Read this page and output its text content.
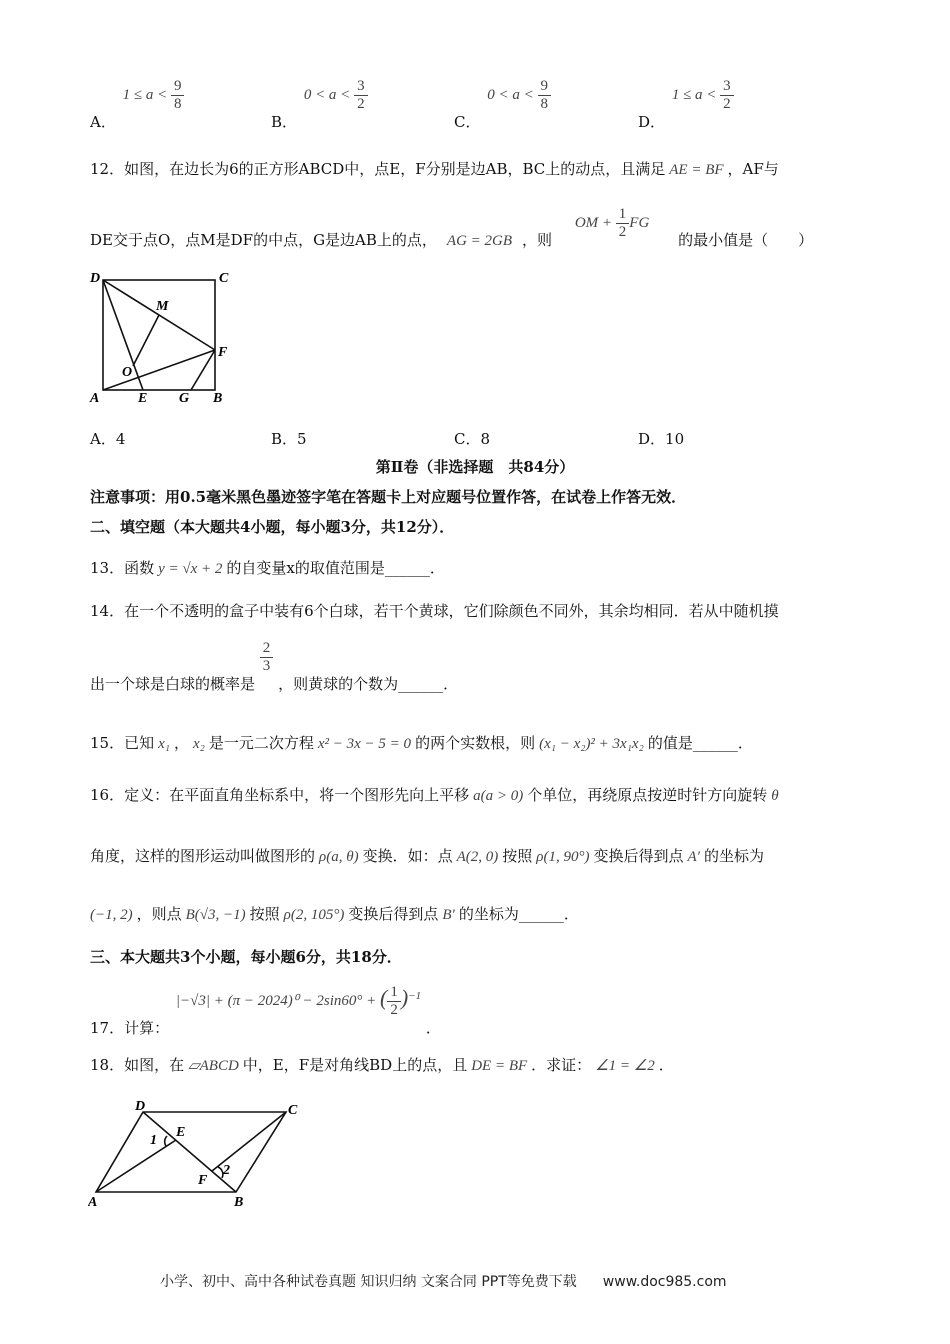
A． $1 \le a < \frac{9}{8}$
B． $0 < a < \frac{3}{2}$
C． $0 < a < \frac{9}{8}$
D． $1 \le a < \frac{3}{2}$
12．如图，在边长为6的正方形ABCD中，点E，F分别是边AB，BC上的动点，且满足 AE = BF ，AF与
DE交于点O，点M是DF的中点，G是边AB上的点， AG = 2GB ，则 OM + $\frac{1}{2}$ FG 的最小值是（　　）
D	C
M
F
O
A	E G B
A．4	B．5	C．8	D．10
第Ⅱ卷（非选择题　共84分）
注意事项：用0.5毫米黑色墨迹签字笔在答题卡上对应题号位置作答，在试卷上作答无效．
二、填空题（本大题共4小题，每小题3分，共12分）．
13．函数 y = √x + 2 的自变量x的取值范围是______．
14．在一个不透明的盒子中装有6个白球，若干个黄球，它们除颜色不同外，其余均相同．若从中随机摸
出一个球是白球的概率是
$\frac{2}{3}$
，则黄球的个数为______．
15．已知 x₁ ， x₂ 是一元二次方程 x² − 3x − 5 = 0 的两个实数根，则 (x₁ − x₂)² + 3x₁x₂ 的值是______．
16．定义：在平面直角坐标系中，将一个图形先向上平移 a(a > 0) 个单位，再绕原点按逆时针方向旋转 θ
角度，这样的图形运动叫做图形的 ρ(a, θ) 变换．如：点 A(2, 0) 按照 ρ(1, 90°) 变换后得到点 A′ 的坐标为
(−1, 2) ，则点 B(√3, −1) 按照 ρ(2, 105°) 变换后得到点 B′ 的坐标为______．
三、本大题共3个小题，每小题6分，共18分．
17．计算： |−√3| + (π − 2024)⁰ − 2sin60° + ( $\frac{1}{2} )^{-1}$ ．
18．如图，在 ▱ABCD 中，E，F是对角线BD上的点，且 DE = BF ．求证： ∠1 = ∠2 ．
D	C
E
1
F
2
A	B
小学、初中、高中各种试卷真题 知识归纳 文案合同 PPT等免费下载 www.doc985.com
